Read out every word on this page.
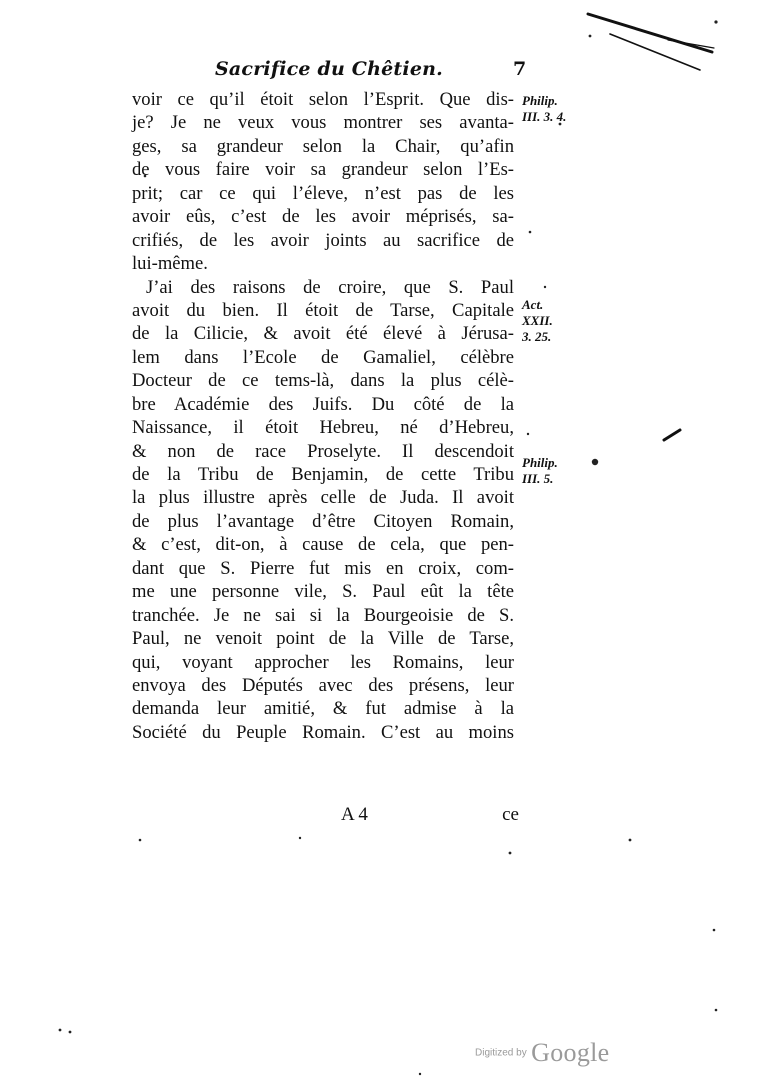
Sacrifice du Chêtien.	7
voir ce qu’il étoit selon l’Esprit. Que dis-
je? Je ne veux vous montrer ses avanta-
ges, sa grandeur selon la Chair, qu’afin
de vous faire voir sa grandeur selon l’Es-
prit; car ce qui l’éleve, n’est pas de les
avoir eûs, c’est de les avoir méprisés, sa-
crifiés, de les avoir joints au sacrifice de
lui-même.
J’ai des raisons de croire, que S. Paul
avoit du bien. Il étoit de Tarse, Capitale
de la Cilicie, & avoit été élevé à Jérusa-
lem dans l’Ecole de Gamaliel, célèbre
Docteur de ce tems-là, dans la plus célè-
bre Académie des Juifs. Du côté de la
Naissance, il étoit Hebreu, né d’Hebreu,
& non de race Proselyte. Il descendoit
de la Tribu de Benjamin, de cette Tribu
la plus illustre après celle de Juda. Il avoit
de plus l’avantage d’être Citoyen Romain,
& c’est, dit-on, à cause de cela, que pen-
dant que S. Pierre fut mis en croix, com-
me une personne vile, S. Paul eût la tête
tranchée. Je ne sai si la Bourgeoisie de S.
Paul, ne venoit point de la Ville de Tarse,
qui, voyant approcher les Romains, leur
envoya des Députés avec des présens, leur
demanda leur amitié, & fut admise à la
Société du Peuple Romain. C’est au moins
Philip.
III. 3. 4.
Act.
XXII.
3. 25.
Philip.
III. 5.
A 4	ce
Digitized by Google
